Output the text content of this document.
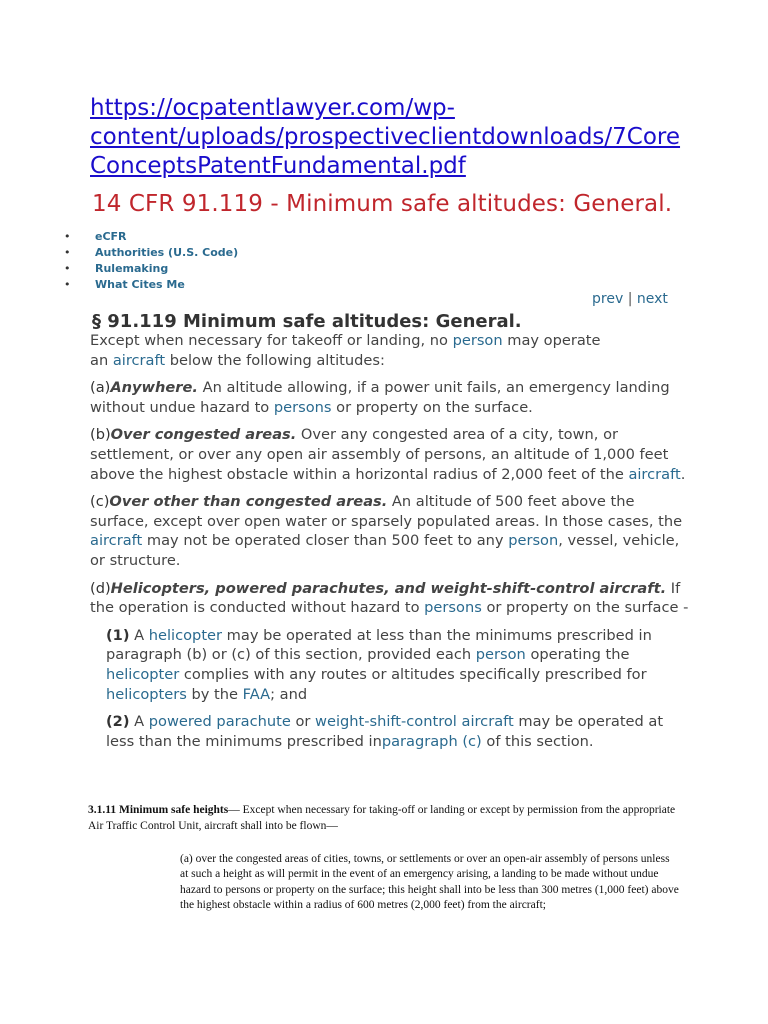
https://ocpatentlawyer.com/wp-
content/uploads/prospectiveclientdownloads/7Core
ConceptsPatentFundamental.pdf
14 CFR 91.119 - Minimum safe altitudes: General.
• eCFR
• Authorities (U.S. Code)
• Rulemaking
• What Cites Me
prev | next
§ 91.119 Minimum safe altitudes: General.

Except when necessary for takeoff or landing, no person may operate
an aircraft below the following altitudes:

(a)Anywhere. An altitude allowing, if a power unit fails, an emergency landing without undue hazard to persons or property on the surface.

(b)Over congested areas. Over any congested area of a city, town, or settlement, or over any open air assembly of persons, an altitude of 1,000 feet above the highest obstacle within a horizontal radius of 2,000 feet of the aircraft.

(c)Over other than congested areas. An altitude of 500 feet above the surface, except over open water or sparsely populated areas. In those cases, the aircraft may not be operated closer than 500 feet to any person, vessel, vehicle, or structure.

(d)Helicopters, powered parachutes, and weight-shift-control aircraft. If the operation is conducted without hazard to persons or property on the surface -

(1) A helicopter may be operated at less than the minimums prescribed in paragraph (b) or (c) of this section, provided each person operating the helicopter complies with any routes or altitudes specifically prescribed for helicopters by the FAA; and

(2) A powered parachute or weight-shift-control aircraft may be operated at less than the minimums prescribed inparagraph (c) of this section.

3.1.11 Minimum safe heights— Except when necessary for taking-off or landing or except by permission from the appropriate Air Traffic Control Unit, aircraft shall into be flown—
(a) over the congested areas of cities, towns, or settlements or over an open-air assembly of persons unless at such a height as will permit in the event of an emergency arising, a landing to be made without undue hazard to persons or property on the surface; this height shall into be less than 300 metres (1,000 feet) above the highest obstacle within a radius of 600 metres (2,000 feet) from the aircraft;
